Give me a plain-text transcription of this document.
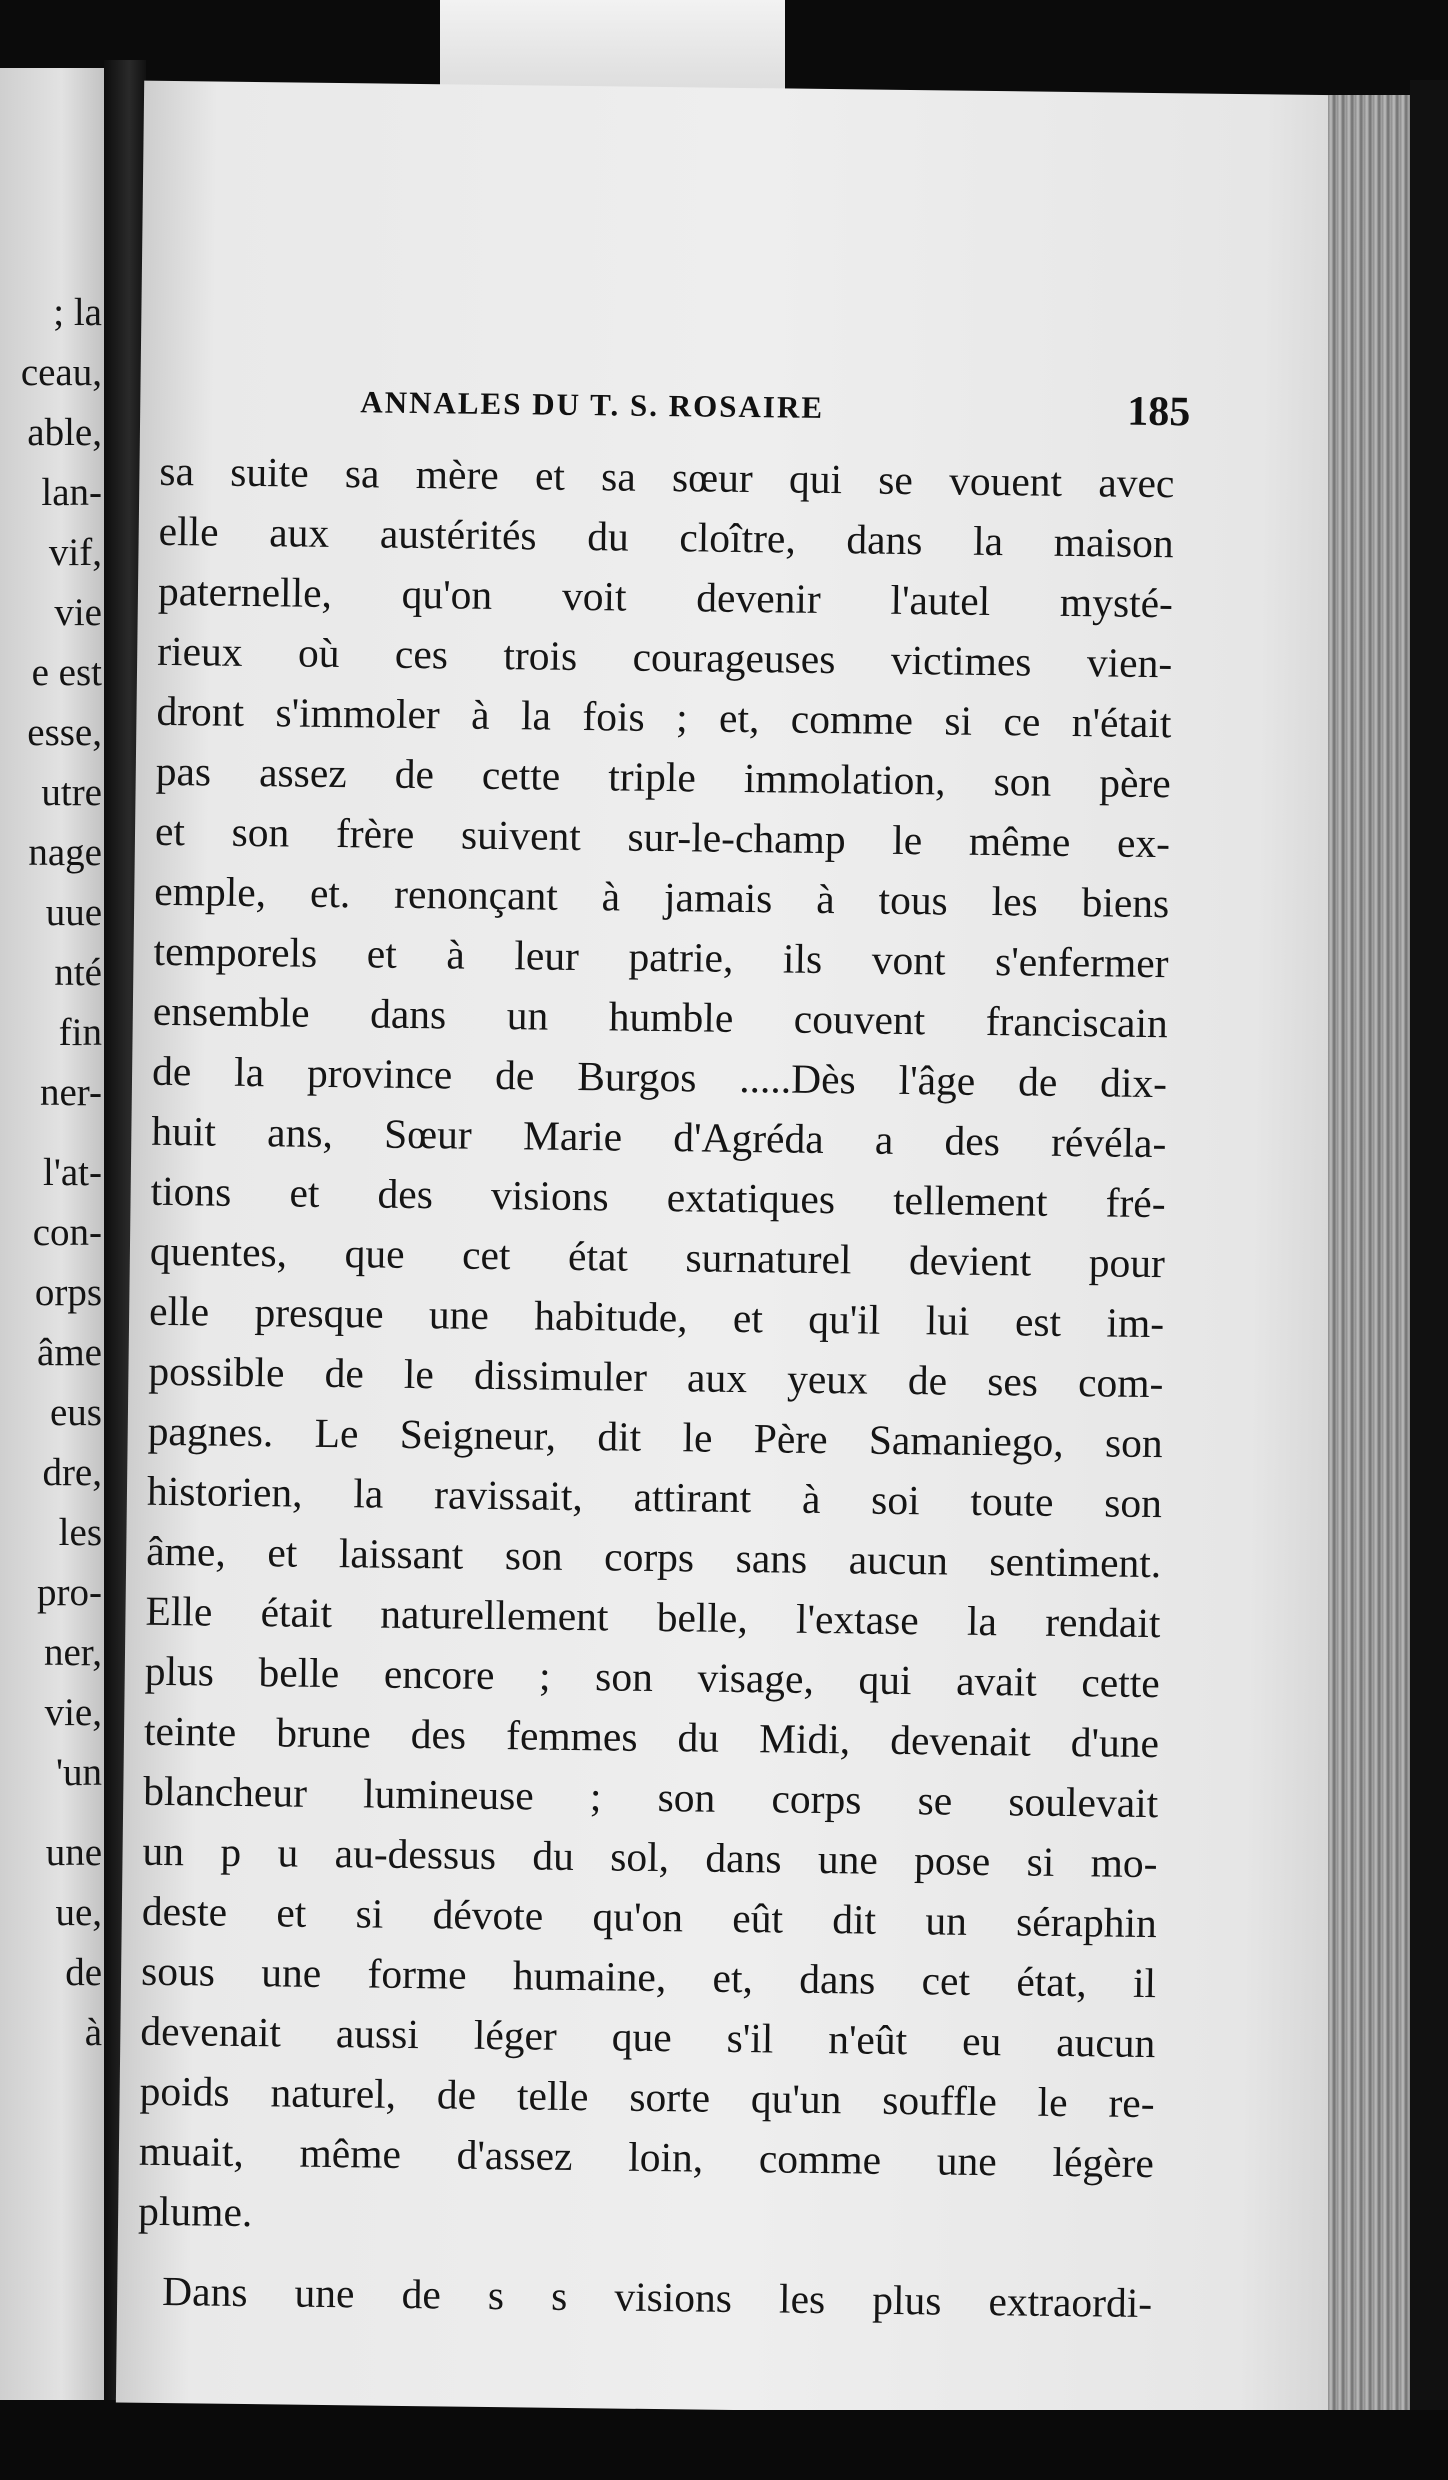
; la
ceau,
able,
lan-
vif,
vie
e est
esse,
utre
nage
uue
nté
fin
ner-
l'at-
con-
orps
âme
eus
dre,
les
pro-
ner,
vie,
'un
une
ue,
de
à
ANNALES DU T. S. ROSAIRE	185
sa suite sa mère et sa sœur qui se vouent avec
elle aux austérités du cloître, dans la maison
paternelle, qu'on voit devenir l'autel mysté-
rieux où ces trois courageuses victimes vien-
dront s'immoler à la fois ; et, comme si ce n'était
pas assez de cette triple immolation, son père
et son frère suivent sur-le-champ le même ex-
emple, et. renonçant à jamais à tous les biens
temporels et à leur patrie, ils vont s'enfermer
ensemble dans un humble couvent franciscain
de la province de Burgos .....Dès l'âge de dix-
huit ans, Sœur Marie d'Agréda a des révéla-
tions et des visions extatiques tellement fré-
quentes, que cet état surnaturel devient pour
elle presque une habitude, et qu'il lui est im-
possible de le dissimuler aux yeux de ses com-
pagnes. Le Seigneur, dit le Père Samaniego, son
historien, la ravissait, attirant à soi toute son
âme, et laissant son corps sans aucun sentiment.
Elle était naturellement belle, l'extase la rendait
plus belle encore ; son visage, qui avait cette
teinte brune des femmes du Midi, devenait d'une
blancheur lumineuse ; son corps se soulevait
un p u au-dessus du sol, dans une pose si mo-
deste et si dévote qu'on eût dit un séraphin
sous une forme humaine, et, dans cet état, il
devenait aussi léger que s'il n'eût eu aucun
poids naturel, de telle sorte qu'un souffle le re-
muait, même d'assez loin, comme une légère
plume.
Dans une de s s visions les plus extraordi-
